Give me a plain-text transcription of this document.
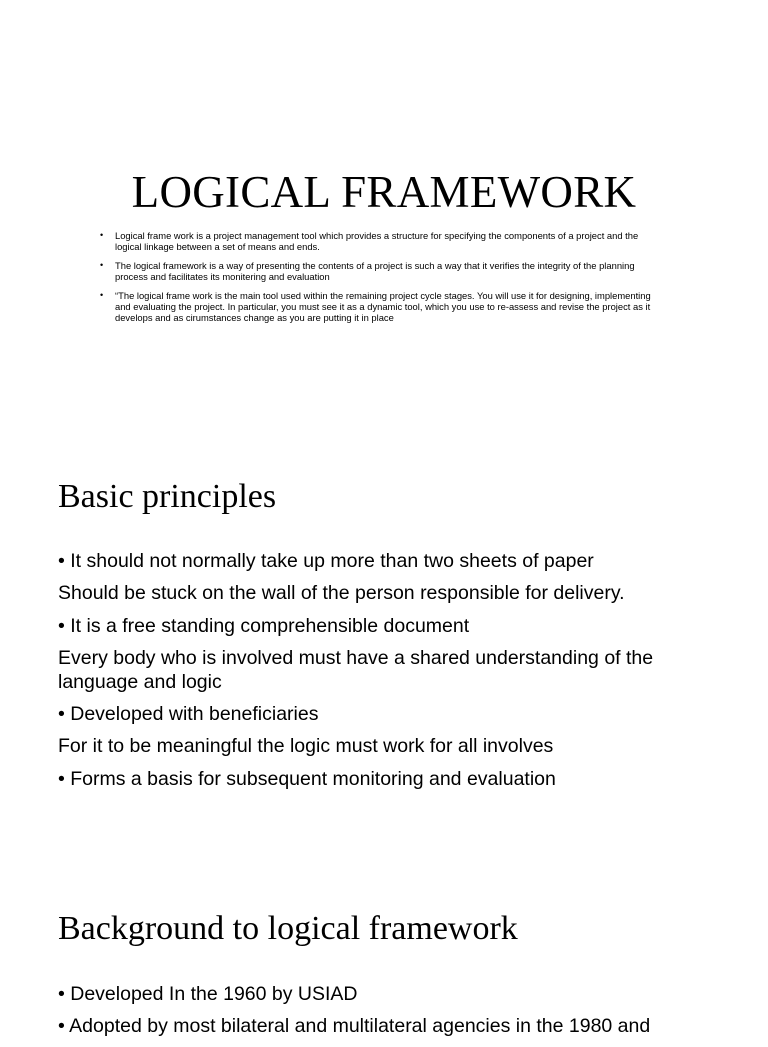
LOGICAL FRAMEWORK
• Logical frame work is a project management tool which provides a structure for specifying the components of a project and the logical linkage between a set of means and ends.
• The logical framework is a way of presenting the contents of a project is such a way that it verifies the integrity of the planning process and facilitates its monitering and evaluation
• “The logical frame work is the main tool used within the remaining project cycle stages. You will use it for designing, implementing and evaluating the project. In particular, you must see it as a dynamic tool, which you use to re-assess and revise the project as it develops and as cirumstances change as you are putting it in place
Basic principles
• It should not normally take up more than two sheets of paper
Should be stuck on the wall of the person responsible for delivery.
• It is a free standing comprehensible document
Every body who is involved must have a shared understanding of the language and logic
• Developed with beneficiaries
For it to be meaningful the logic must work for all involves
• Forms a basis for subsequent monitoring and evaluation
Background to logical framework
• Developed In the 1960 by USIAD
• Adopted by most bilateral and multilateral agencies in the 1980 and
